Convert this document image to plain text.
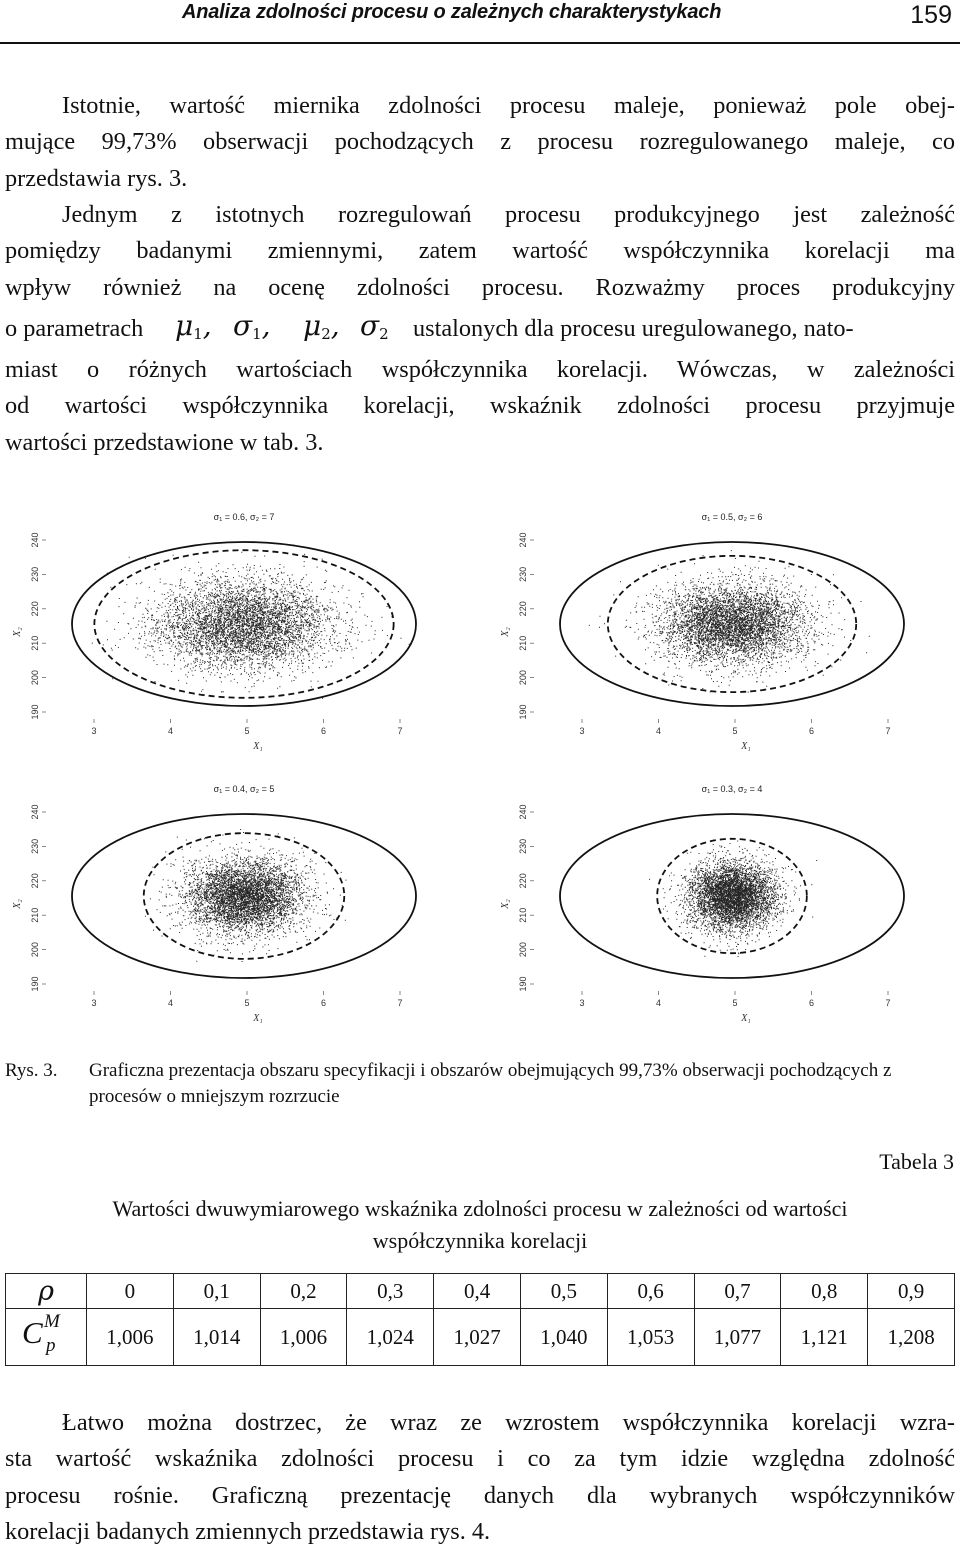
Analiza zdolności procesu o zależnych charakterystykach	159
Istotnie, wartość miernika zdolności procesu maleje, ponieważ pole obej-
mujące 99,73% obserwacji pochodzących z procesu rozregulowanego maleje, co
przedstawia rys. 3.
Jednym z istotnych rozregulowań procesu produkcyjnego jest zależność
pomiędzy badanymi zmiennymi, zatem wartość współczynnika korelacji ma
wpływ również na ocenę zdolności procesu. Rozważmy proces produkcyjny
o parametrach $\mu_1$, $\sigma_1$, $\mu_2$, $\sigma_2$ ustalonych dla procesu uregulowanego, nato-
miast o różnych wartościach współczynnika korelacji. Wówczas, w zależności
od wartości współczynnika korelacji, wskaźnik zdolności procesu przyjmuje
wartości przedstawione w tab. 3.
σ₁ = 0.6, σ₂ = 7
190
200
210
220
230
240
X₂
3	4	5	6	7
X₁
σ₁ = 0.5, σ₂ = 6
190
200
210
220
230
240
X₂
3	4	5	6	7
X₁
σ₁ = 0.4, σ₂ = 5
190
200
210
220
230
240
X₂
3	4	5	6	7
X₁
σ₁ = 0.3, σ₂ = 4
190
200
210
220
230
240
X₂
3	4	5	6	7
X₁
Rys. 3. Graficzna prezentacja obszaru specyfikacji i obszarów obejmujących 99,73% obserwacji pochodzących z procesów o mniejszym rozrzucie
Tabela 3
Wartości dwuwymiarowego wskaźnika zdolności procesu w zależności od wartości
współczynnika korelacji
ρ	0	0,1	0,2	0,3	0,4	0,5	0,6	0,7	0,8	0,9

C M
p	1,006	1,014	1,006	1,024	1,027	1,040	1,053	1,077	1,121	1,208
Łatwo można dostrzec, że wraz ze wzrostem współczynnika korelacji wzra-
sta wartość wskaźnika zdolności procesu i co za tym idzie względna zdolność
procesu rośnie. Graficzną prezentację danych dla wybranych współczynników
korelacji badanych zmiennych przedstawia rys. 4.
